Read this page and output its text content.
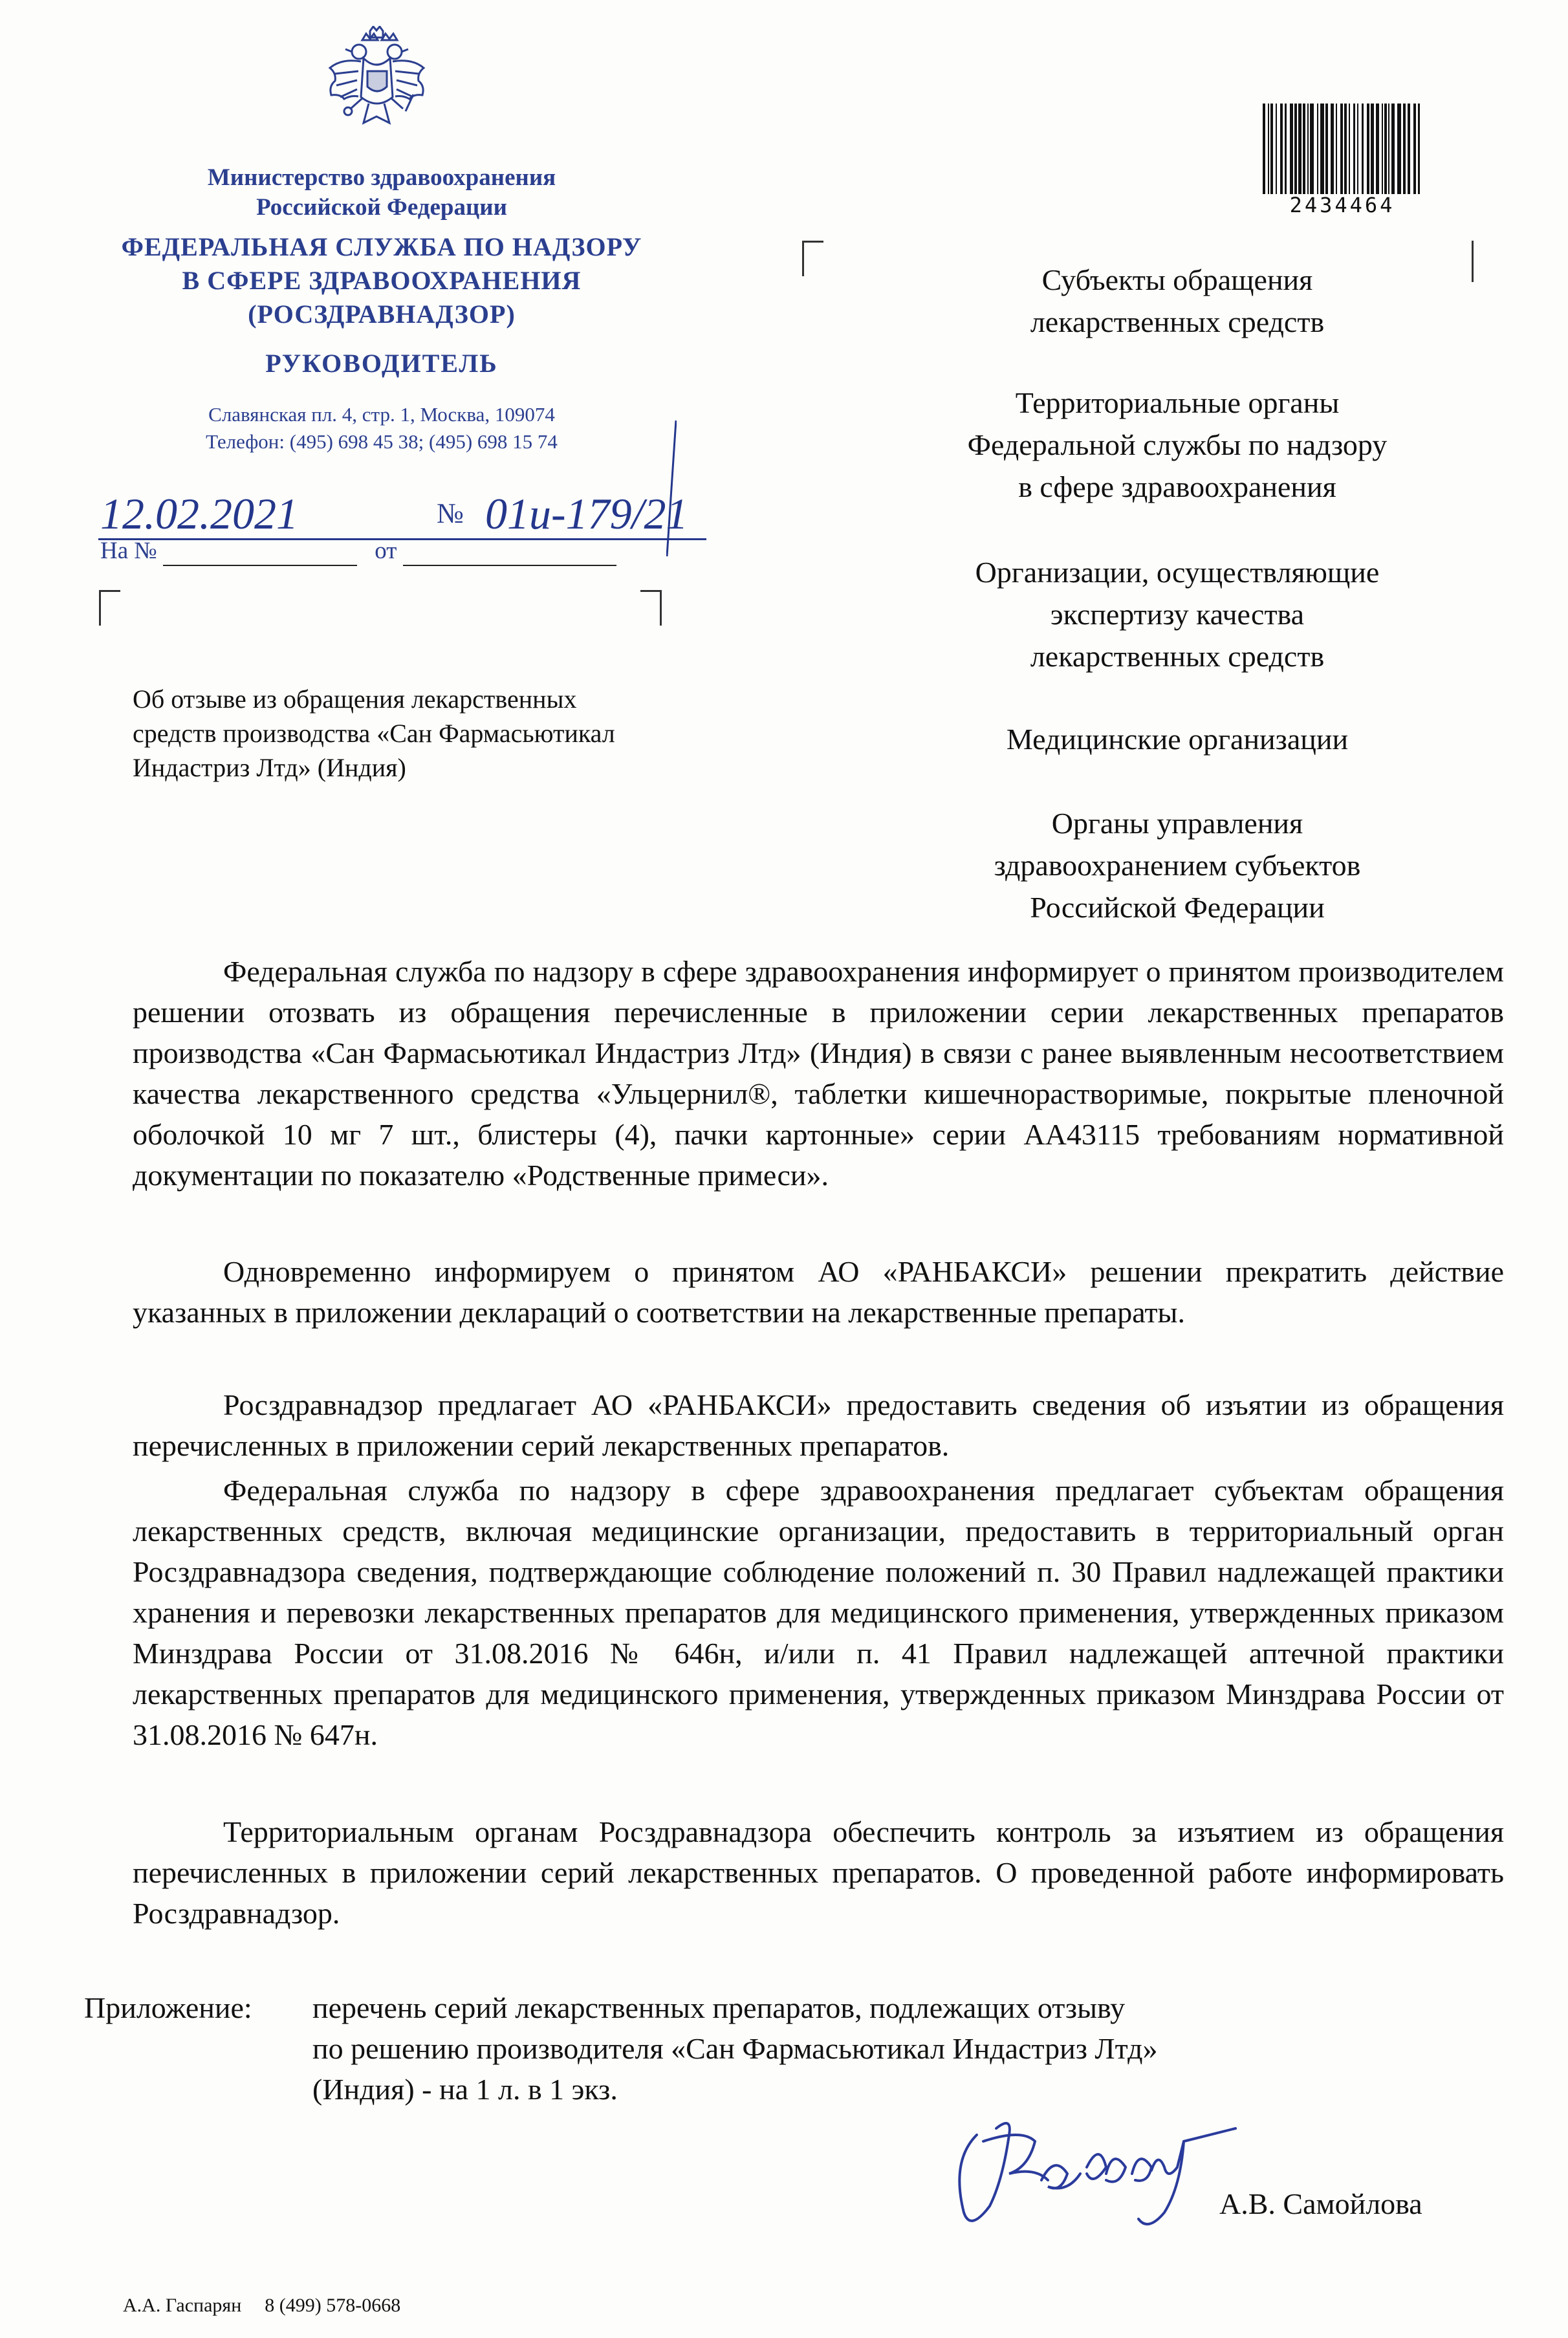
Министерство здравоохранения
Российской Федерации
ФЕДЕРАЛЬНАЯ СЛУЖБА ПО НАДЗОРУ
В СФЕРЕ ЗДРАВООХРАНЕНИЯ
(РОСЗДРАВНАДЗОР)
РУКОВОДИТЕЛЬ
Славянская пл. 4, стр. 1, Москва, 109074
Телефон: (495) 698 45 38; (495) 698 15 74
12.02.2021	№ 01и-179/21
На №	от
Об отзыве из обращения лекарственных
средств производства «Сан Фармасьютикал
Индастриз Лтд» (Индия)
2434464
Субъекты обращения
лекарственных средств
Территориальные органы
Федеральной службы по надзору
в сфере здравоохранения
Организации, осуществляющие
экспертизу качества
лекарственных средств
Медицинские организации
Органы управления
здравоохранением субъектов
Российской Федерации

Федеральная служба по надзору в сфере здравоохранения информирует о принятом производителем решении отозвать из обращения перечисленные в приложении серии лекарственных препаратов производства «Сан Фармасьютикал Индастриз Лтд» (Индия) в связи с ранее выявленным несоответствием качества лекарственного средства «Ульцернил®, таблетки кишечнорастворимые, покрытые пленочной оболочкой 10 мг 7 шт., блистеры (4), пачки картонные» серии АА43115 требованиям нормативной документации по показателю «Родственные примеси».

Одновременно информируем о принятом АО «РАНБАКСИ» решении прекратить действие указанных в приложении деклараций о соответствии на лекарственные препараты.

Росздравнадзор предлагает АО «РАНБАКСИ» предоставить сведения об изъятии из обращения перечисленных в приложении серий лекарственных препаратов.

Федеральная служба по надзору в сфере здравоохранения предлагает субъектам обращения лекарственных средств, включая медицинские организации, предоставить в территориальный орган Росздравнадзора сведения, подтверждающие соблюдение положений п. 30 Правил надлежащей практики хранения и перевозки лекарственных препаратов для медицинского применения, утвержденных приказом Минздрава России от 31.08.2016 № 646н, и/или п. 41 Правил надлежащей аптечной практики лекарственных препаратов для медицинского применения, утвержденных приказом Минздрава России от 31.08.2016 № 647н.

Территориальным органам Росздравнадзора обеспечить контроль за изъятием из обращения перечисленных в приложении серий лекарственных препаратов. О проведенной работе информировать Росздравнадзор.

Приложение: перечень серий лекарственных препаратов, подлежащих отзыву
по решению производителя «Сан Фармасьютикал Индастриз Лтд»
(Индия) - на 1 л. в 1 экз.
А.В. Самойлова
А.А. Гаспарян 8 (499) 578-0668
